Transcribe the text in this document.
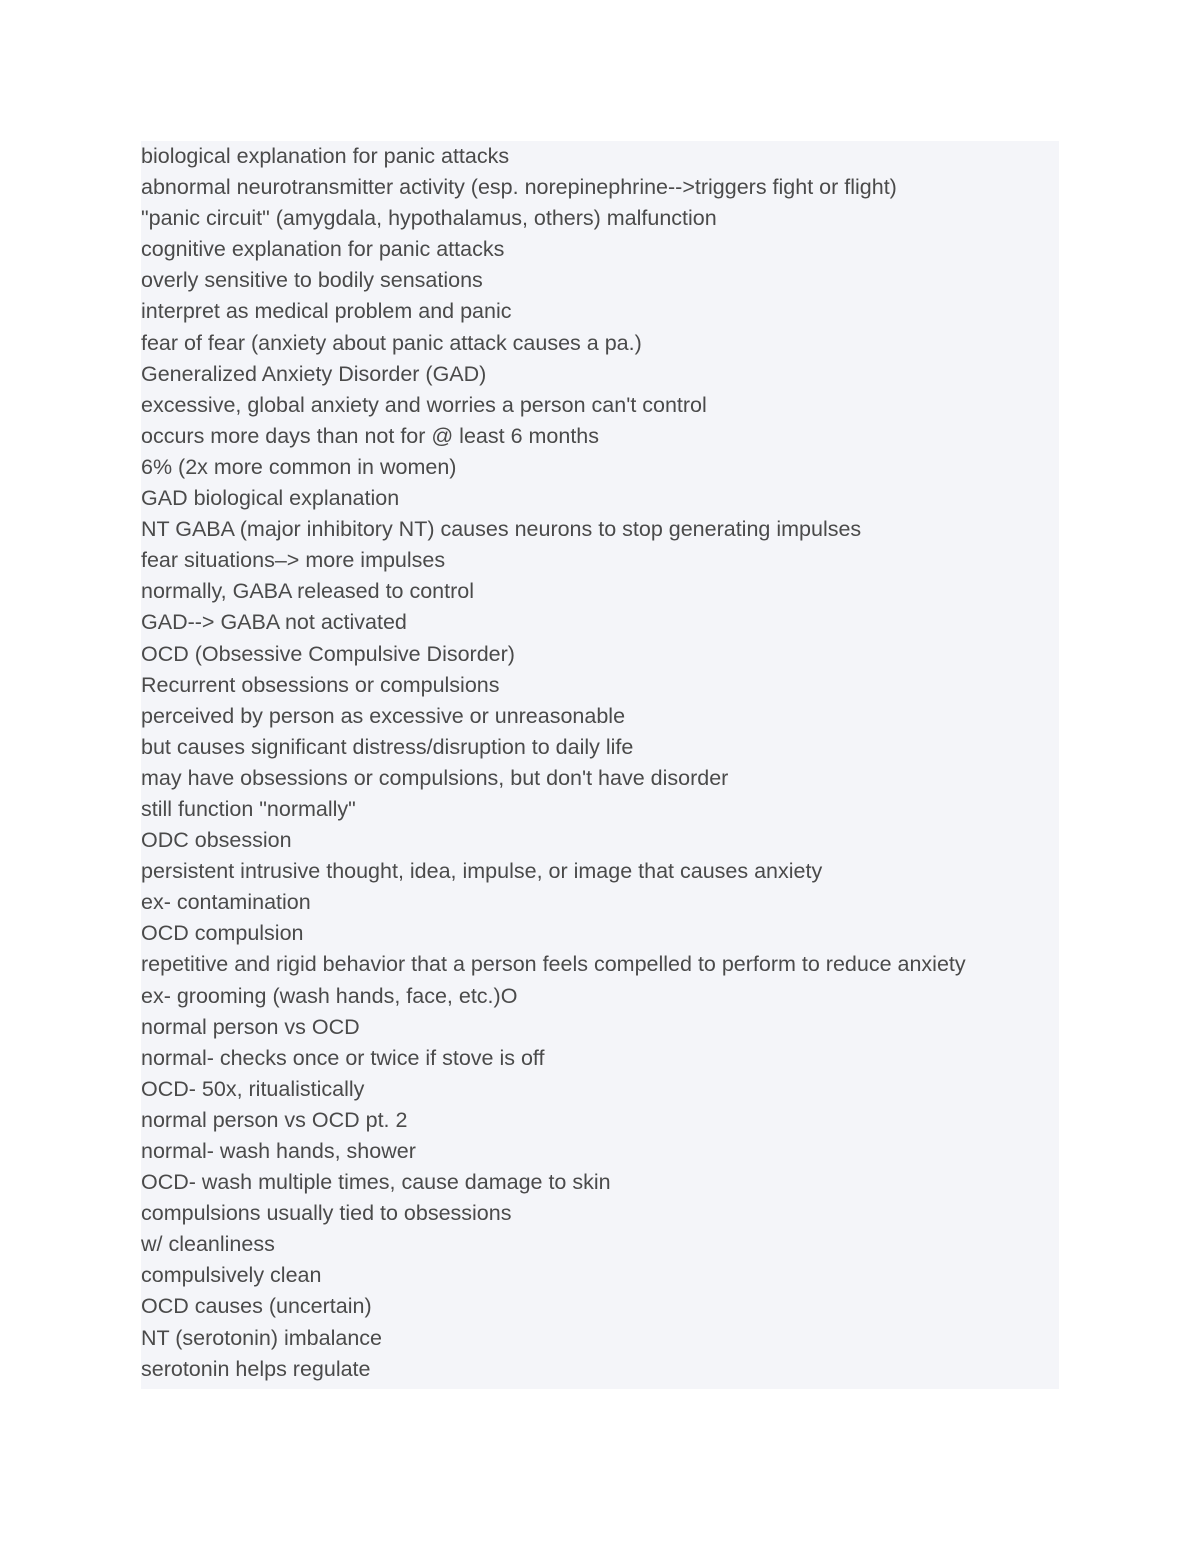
biological explanation for panic attacks
abnormal neurotransmitter activity (esp. norepinephrine-->triggers fight or flight)
"panic circuit" (amygdala, hypothalamus, others) malfunction
cognitive explanation for panic attacks
overly sensitive to bodily sensations
interpret as medical problem and panic
fear of fear (anxiety about panic attack causes a pa.)
Generalized Anxiety Disorder (GAD)
excessive, global anxiety and worries a person can't control
occurs more days than not for @ least 6 months
6% (2x more common in women)
GAD biological explanation
NT GABA (major inhibitory NT) causes neurons to stop generating impulses
fear situations–> more impulses
normally, GABA released to control
GAD--> GABA not activated
OCD (Obsessive Compulsive Disorder)
Recurrent obsessions or compulsions
perceived by person as excessive or unreasonable
but causes significant distress/disruption to daily life
may have obsessions or compulsions, but don't have disorder
still function "normally"
ODC obsession
persistent intrusive thought, idea, impulse, or image that causes anxiety
ex- contamination
OCD compulsion
repetitive and rigid behavior that a person feels compelled to perform to reduce anxiety
ex- grooming (wash hands, face, etc.)O
normal person vs OCD
normal- checks once or twice if stove is off
OCD- 50x, ritualistically
normal person vs OCD pt. 2
normal- wash hands, shower
OCD- wash multiple times, cause damage to skin
compulsions usually tied to obsessions
w/ cleanliness
compulsively clean
OCD causes (uncertain)
NT (serotonin) imbalance
serotonin helps regulate
